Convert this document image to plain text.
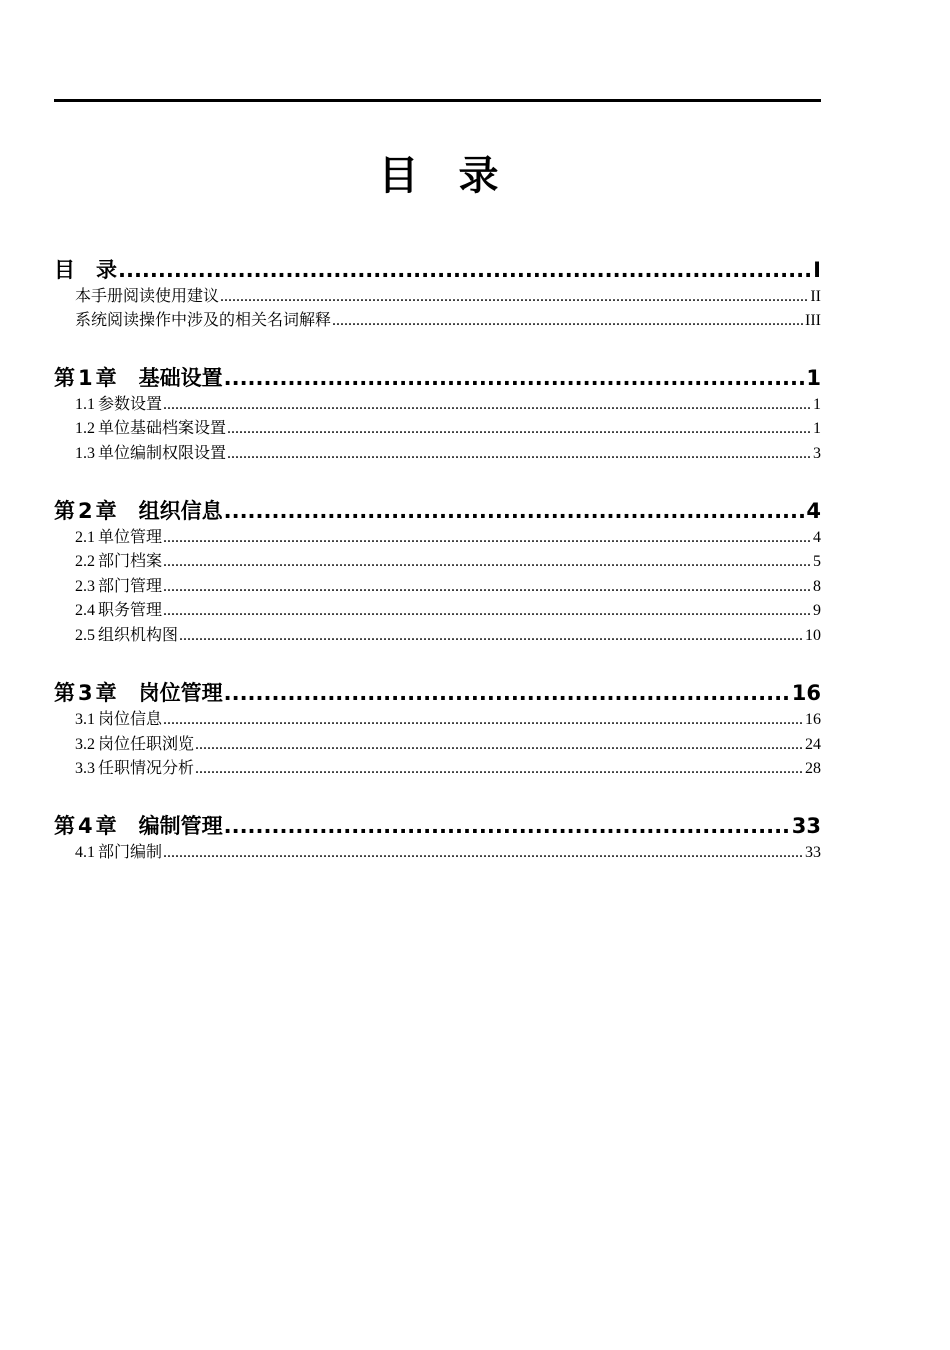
目 录
目　录 .....	I
本手册阅读使用建议 .....	II
系统阅读操作中涉及的相关名词解释 .....	III
第 1 章 基础设置 .....	1
1.1 参数设置 .....	1
1.2 单位基础档案设置 .....	1
1.3 单位编制权限设置 .....	3
第 2 章 组织信息 .....	4
2.1 单位管理 .....	4
2.2 部门档案 .....	5
2.3 部门管理 .....	8
2.4 职务管理 .....	9
2.5 组织机构图 .....	10
第 3 章 岗位管理 .....	16
3.1 岗位信息 .....	16
3.2 岗位任职浏览 .....	24
3.3 任职情况分析 .....	28
第 4 章 编制管理 .....	33
4.1 部门编制 .....	33
